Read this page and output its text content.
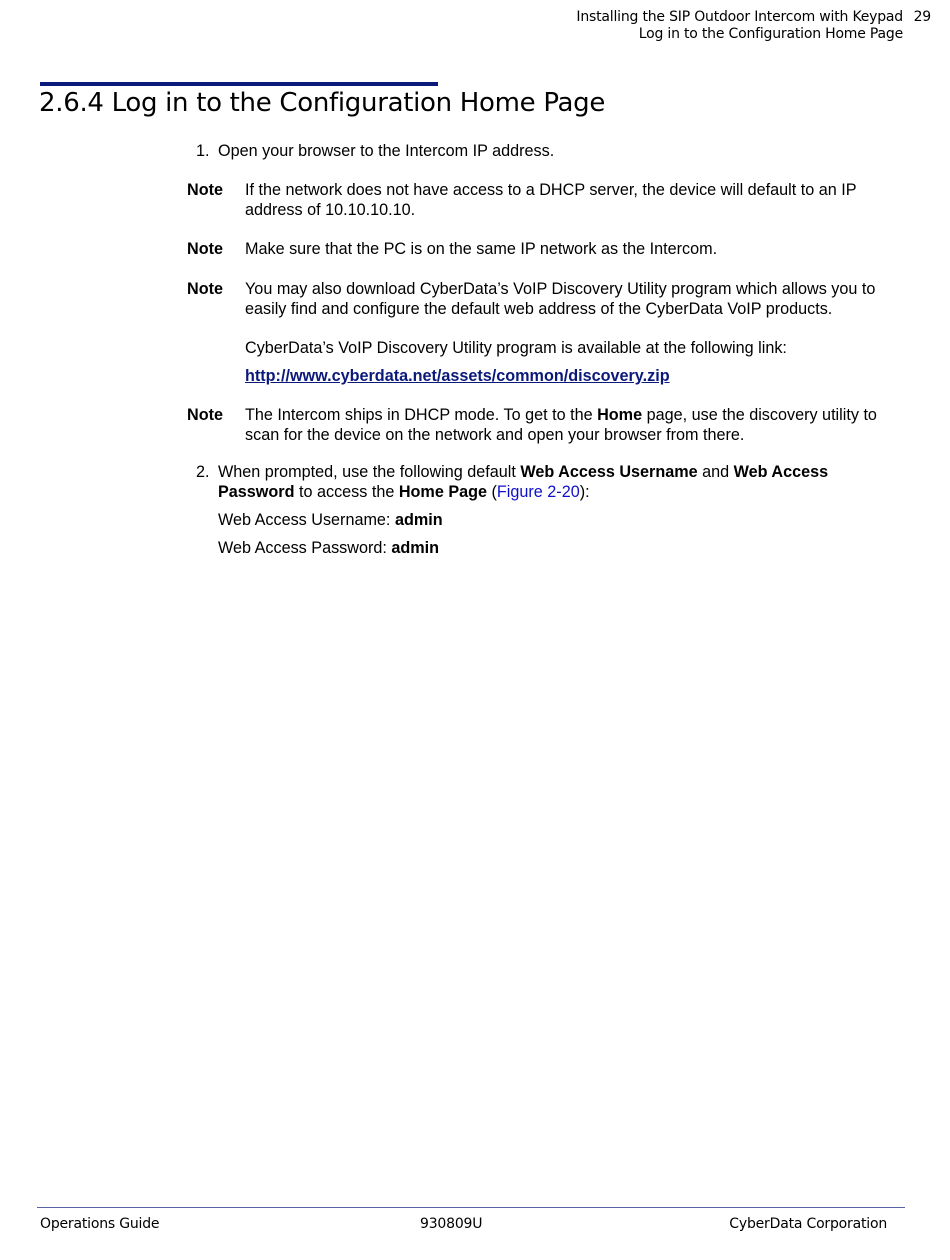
Installing the SIP Outdoor Intercom with Keypad
Log in to the Configuration Home Page
29
2.6.4 Log in to the Configuration Home Page
1. Open your browser to the Intercom IP address.
Note If the network does not have access to a DHCP server, the device will default to an IP
address of 10.10.10.10.
Note Make sure that the PC is on the same IP network as the Intercom.
Note You may also download CyberData’s VoIP Discovery Utility program which allows you to
easily find and configure the default web address of the CyberData VoIP products.
CyberData’s VoIP Discovery Utility program is available at the following link:
http://www.cyberdata.net/assets/common/discovery.zip
Note The Intercom ships in DHCP mode. To get to the Home page, use the discovery utility to
scan for the device on the network and open your browser from there.
2. When prompted, use the following default Web Access Username and Web Access
Password to access the Home Page (Figure 2-20):
Web Access Username: admin
Web Access Password: admin
Operations Guide	930809U	CyberData Corporation
